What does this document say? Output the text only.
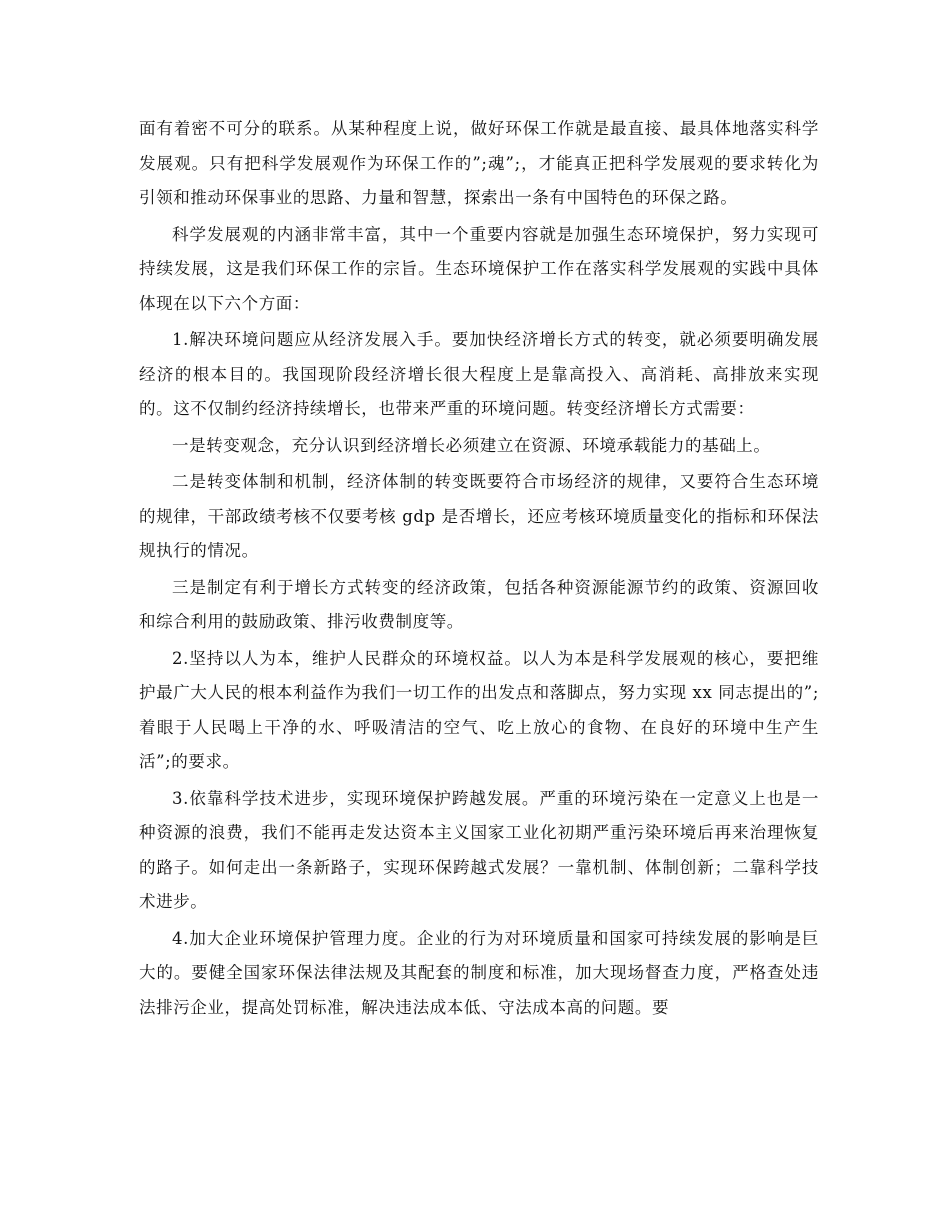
面有着密不可分的联系。从某种程度上说，做好环保工作就是最直接、最具体地落实科学发展观。只有把科学发展观作为环保工作的”;魂”;，才能真正把科学发展观的要求转化为引领和推动环保事业的思路、力量和智慧，探索出一条有中国特色的环保之路。

科学发展观的内涵非常丰富，其中一个重要内容就是加强生态环境保护，努力实现可持续发展，这是我们环保工作的宗旨。生态环境保护工作在落实科学发展观的实践中具体体现在以下六个方面：

1.解决环境问题应从经济发展入手。要加快经济增长方式的转变，就必须要明确发展经济的根本目的。我国现阶段经济增长很大程度上是靠高投入、高消耗、高排放来实现的。这不仅制约经济持续增长，也带来严重的环境问题。转变经济增长方式需要：

一是转变观念，充分认识到经济增长必须建立在资源、环境承载能力的基础上。

二是转变体制和机制，经济体制的转变既要符合市场经济的规律，又要符合生态环境的规律，干部政绩考核不仅要考核 gdp 是否增长，还应考核环境质量变化的指标和环保法规执行的情况。

三是制定有利于增长方式转变的经济政策，包括各种资源能源节约的政策、资源回收和综合利用的鼓励政策、排污收费制度等。

2.坚持以人为本，维护人民群众的环境权益。以人为本是科学发展观的核心，要把维护最广大人民的根本利益作为我们一切工作的出发点和落脚点，努力实现 xx 同志提出的”;着眼于人民喝上干净的水、呼吸清洁的空气、吃上放心的食物、在良好的环境中生产生活”;的要求。

3.依靠科学技术进步，实现环境保护跨越发展。严重的环境污染在一定意义上也是一种资源的浪费，我们不能再走发达资本主义国家工业化初期严重污染环境后再来治理恢复的路子。如何走出一条新路子，实现环保跨越式发展？一靠机制、体制创新；二靠科学技术进步。

4.加大企业环境保护管理力度。企业的行为对环境质量和国家可持续发展的影响是巨大的。要健全国家环保法律法规及其配套的制度和标准，加大现场督查力度，严格查处违法排污企业，提高处罚标准，解决违法成本低、守法成本高的问题。要
